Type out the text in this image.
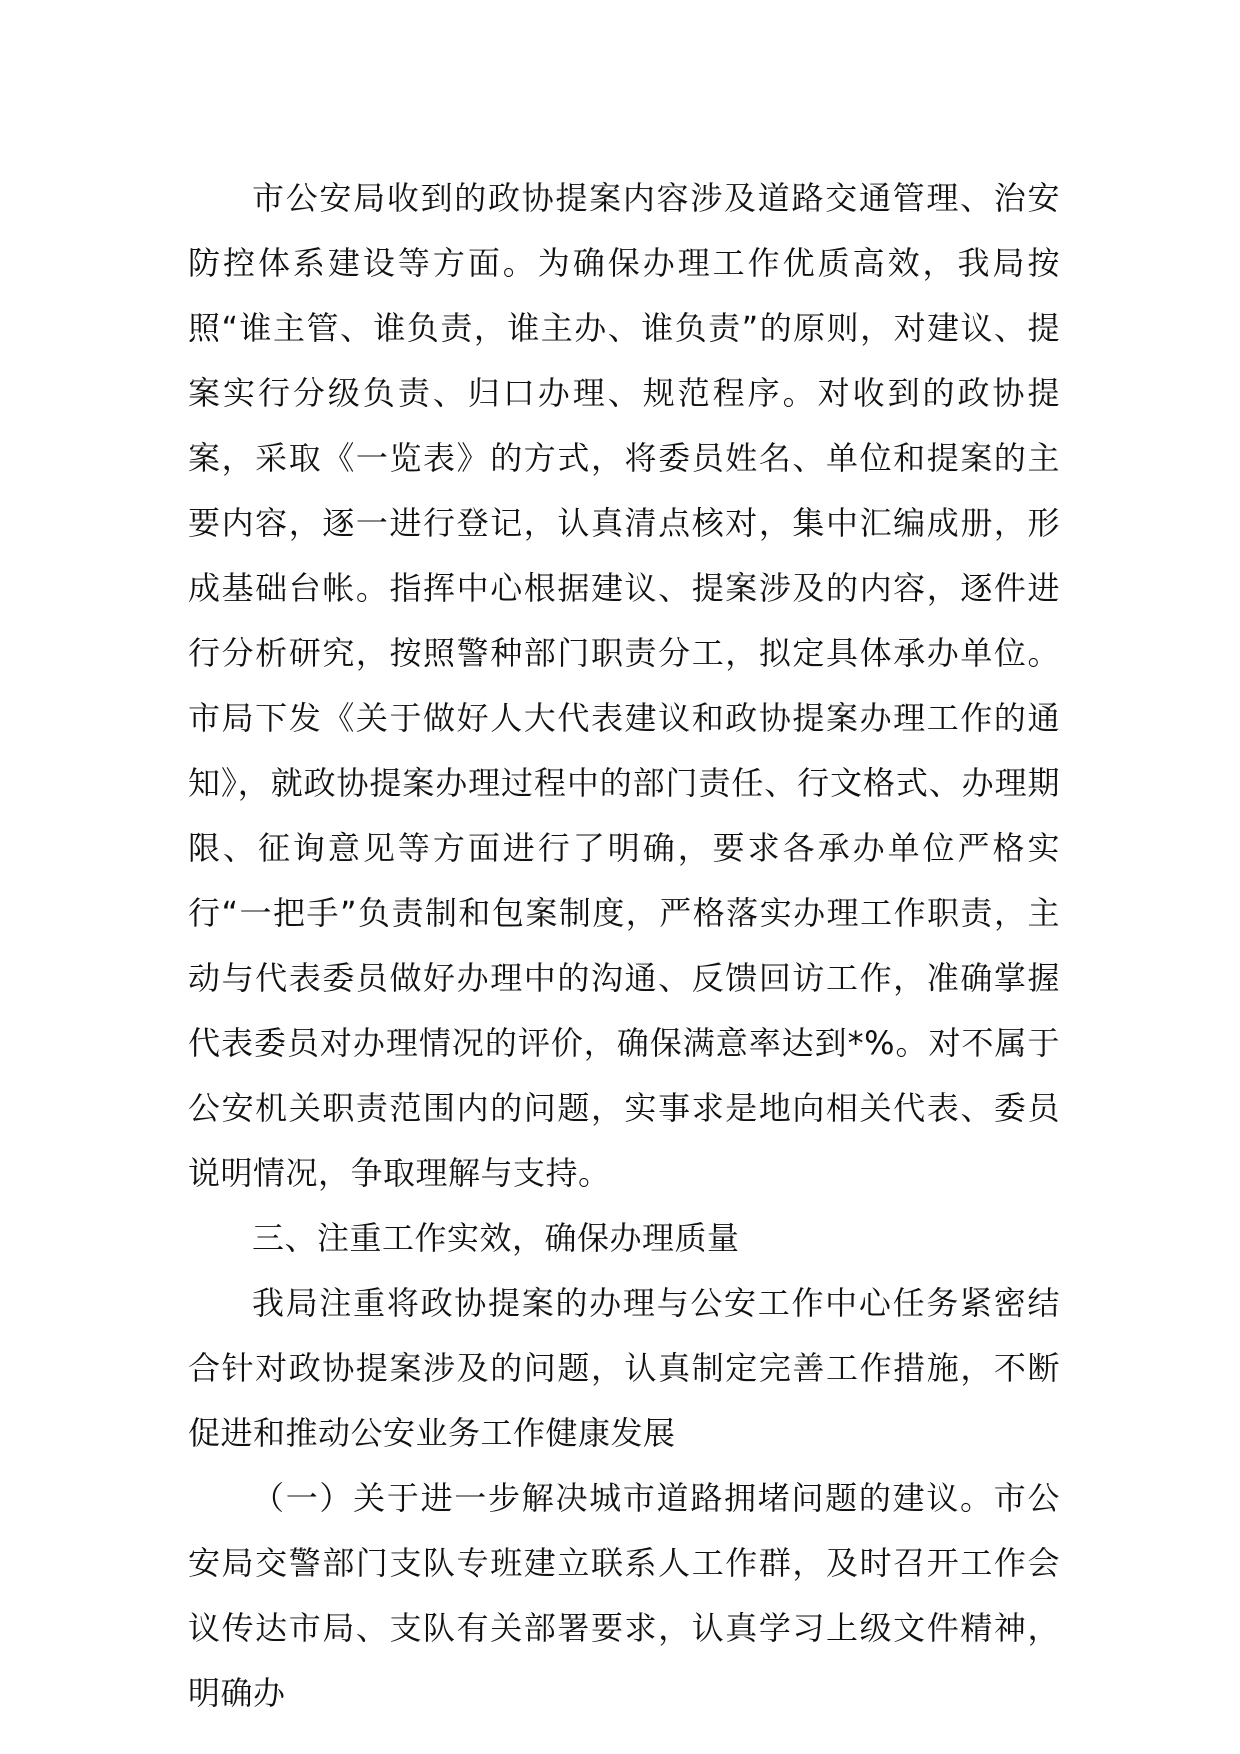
市公安局收到的政协提案内容涉及道路交通管理、治安防控体系建设等方面。为确保办理工作优质高效，我局按照“谁主管、谁负责，谁主办、谁负责”的原则，对建议、提案实行分级负责、归口办理、规范程序。对收到的政协提案，采取《一览表》的方式，将委员姓名、单位和提案的主要内容，逐一进行登记，认真清点核对，集中汇编成册，形成基础台帐。指挥中心根据建议、提案涉及的内容，逐件进行分析研究，按照警种部门职责分工，拟定具体承办单位。市局下发《关于做好人大代表建议和政协提案办理工作的通知》，就政协提案办理过程中的部门责任、行文格式、办理期限、征询意见等方面进行了明确，要求各承办单位严格实行“一把手”负责制和包案制度，严格落实办理工作职责，主动与代表委员做好办理中的沟通、反馈回访工作，准确掌握代表委员对办理情况的评价，确保满意率达到*%。对不属于公安机关职责范围内的问题，实事求是地向相关代表、委员说明情况，争取理解与支持。

三、注重工作实效，确保办理质量

我局注重将政协提案的办理与公安工作中心任务紧密结合针对政协提案涉及的问题，认真制定完善工作措施，不断促进和推动公安业务工作健康发展

（一）关于进一步解决城市道路拥堵问题的建议。市公安局交警部门支队专班建立联系人工作群，及时召开工作会议传达市局、支队有关部署要求，认真学习上级文件精神，明确办
